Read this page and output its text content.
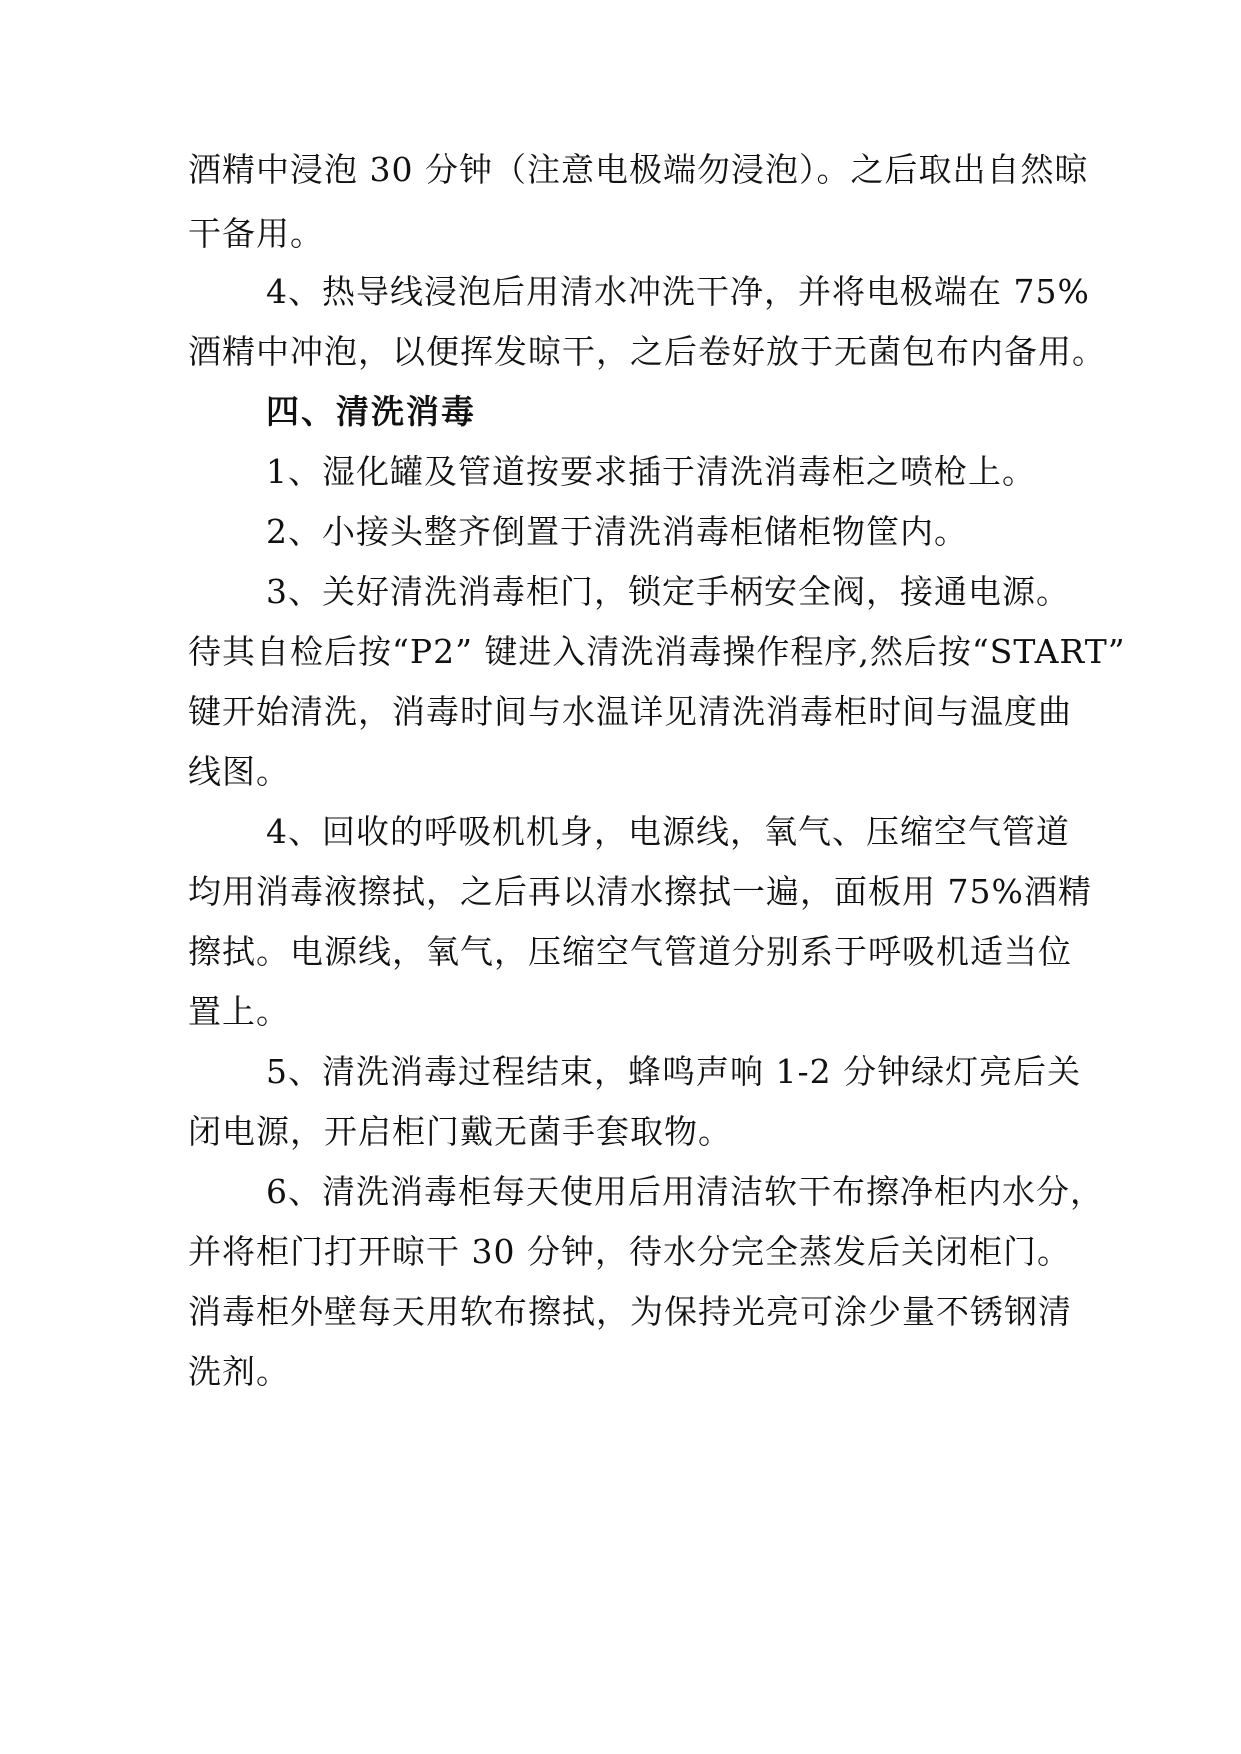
酒精中浸泡 30 分钟（注意电极端勿浸泡）。之后取出自然晾
干备用。
4、热导线浸泡后用清水冲洗干净，并将电极端在 75%
酒精中冲泡，以便挥发晾干，之后卷好放于无菌包布内备用。
四、清洗消毒
1、湿化罐及管道按要求插于清洗消毒柜之喷枪上。
2、小接头整齐倒置于清洗消毒柜储柜物筐内。
3、关好清洗消毒柜门，锁定手柄安全阀，接通电源。
待其自检后按“P2” 键进入清洗消毒操作程序,然后按“START”
键开始清洗，消毒时间与水温详见清洗消毒柜时间与温度曲
线图。
4、回收的呼吸机机身，电源线，氧气、压缩空气管道
均用消毒液擦拭，之后再以清水擦拭一遍，面板用 75%酒精
擦拭。电源线，氧气，压缩空气管道分别系于呼吸机适当位
置上。
5、清洗消毒过程结束，蜂鸣声响 1-2 分钟绿灯亮后关
闭电源，开启柜门戴无菌手套取物。
6、清洗消毒柜每天使用后用清洁软干布擦净柜内水分，
并将柜门打开晾干 30 分钟，待水分完全蒸发后关闭柜门。
消毒柜外壁每天用软布擦拭，为保持光亮可涂少量不锈钢清
洗剂。
